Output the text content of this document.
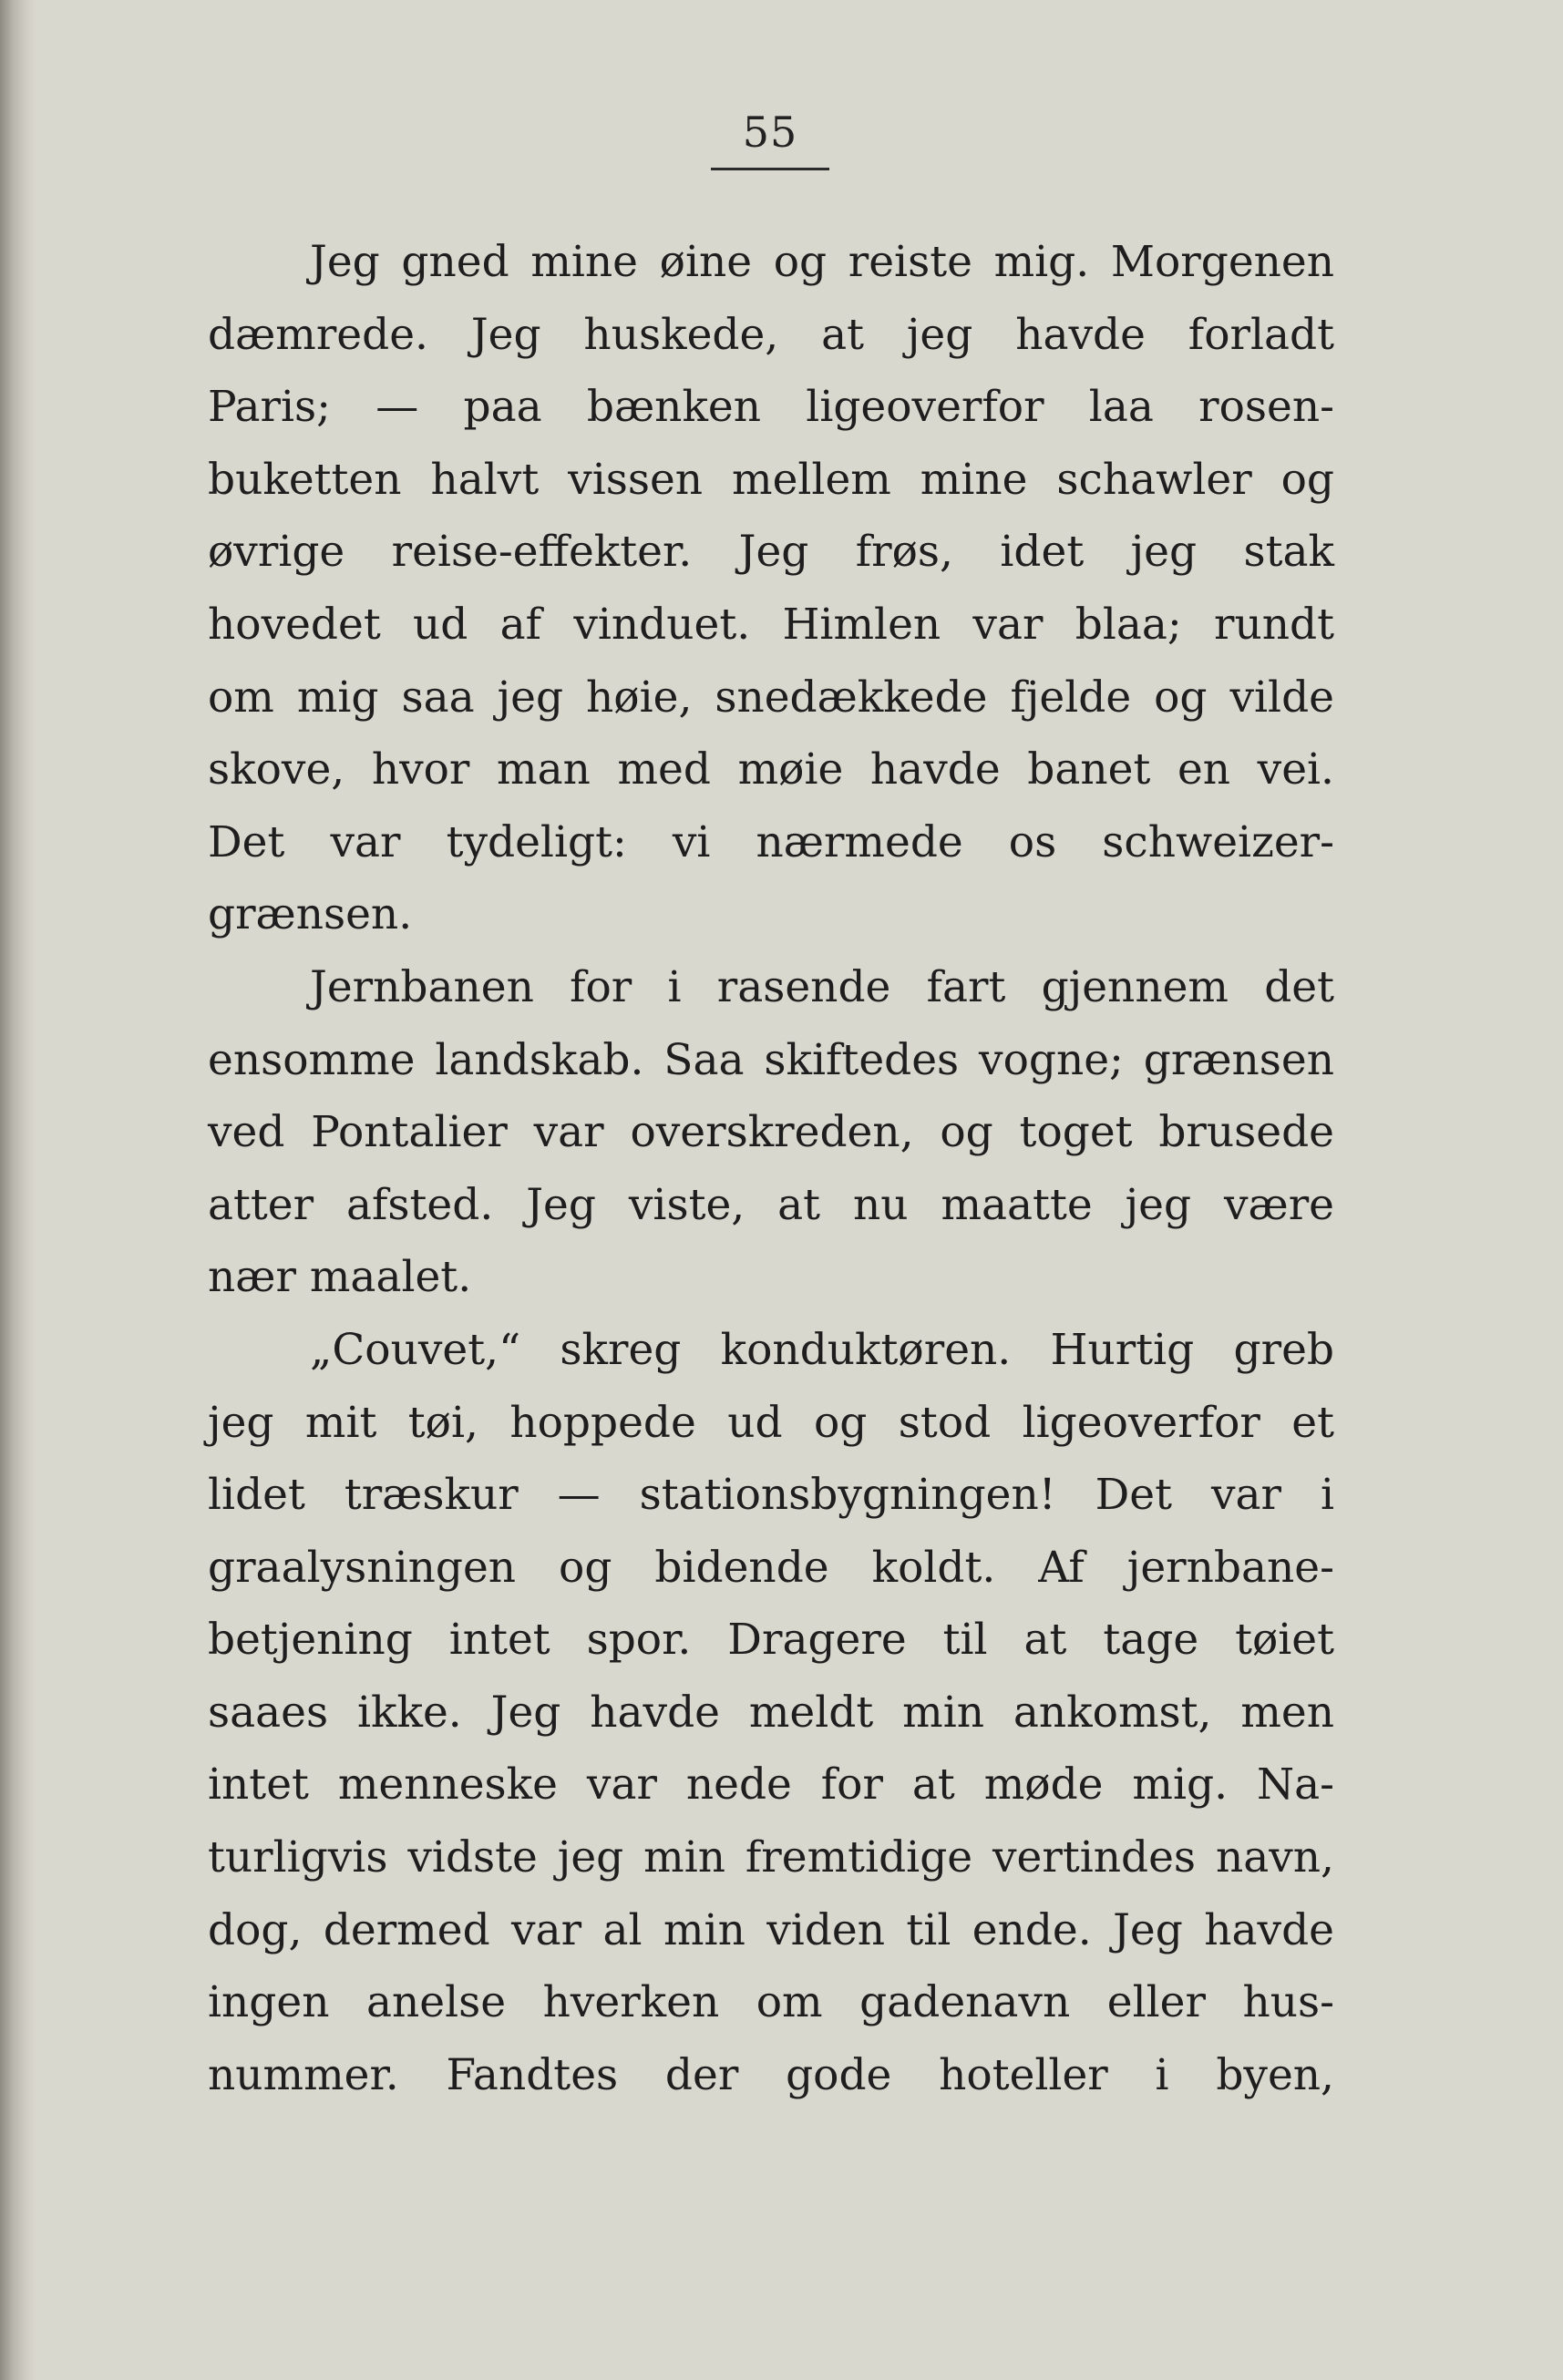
55
Jeg gned mine øine og reiste mig. Morgenen
dæmrede. Jeg huskede, at jeg havde forladt
Paris; — paa bænken ligeoverfor laa rosen-
buketten halvt vissen mellem mine schawler og
øvrige reise-effekter. Jeg frøs, idet jeg stak
hovedet ud af vinduet. Himlen var blaa; rundt
om mig saa jeg høie, snedækkede fjelde og vilde
skove, hvor man med møie havde banet en vei.
Det var tydeligt: vi nærmede os schweizer-
grænsen.
Jernbanen for i rasende fart gjennem det
ensomme landskab. Saa skiftedes vogne; grænsen
ved Pontalier var overskreden, og toget brusede
atter afsted. Jeg viste, at nu maatte jeg være
nær maalet.
„Couvet,“ skreg konduktøren. Hurtig greb
jeg mit tøi, hoppede ud og stod ligeoverfor et
lidet træskur — stationsbygningen! Det var i
graalysningen og bidende koldt. Af jernbane-
betjening intet spor. Dragere til at tage tøiet
saaes ikke. Jeg havde meldt min ankomst, men
intet menneske var nede for at møde mig. Na-
turligvis vidste jeg min fremtidige vertindes navn,
dog, dermed var al min viden til ende. Jeg havde
ingen anelse hverken om gadenavn eller hus-
nummer. Fandtes der gode hoteller i byen,
